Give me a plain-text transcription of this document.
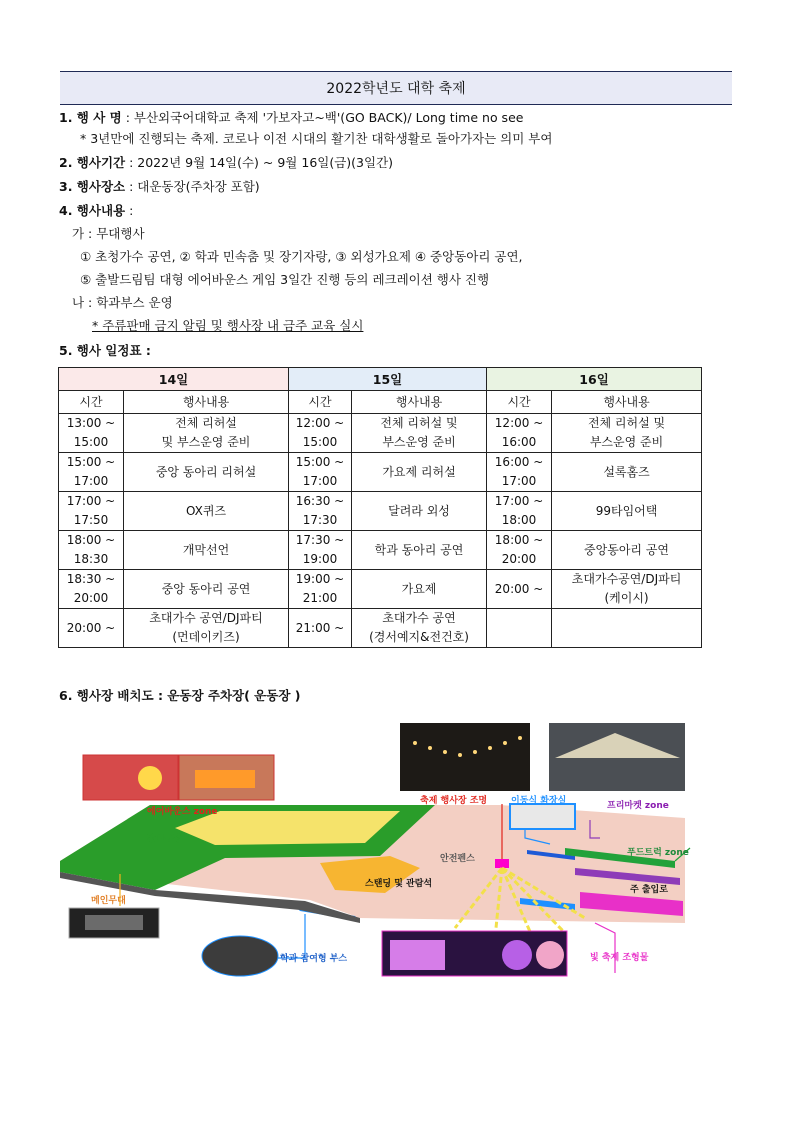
2022학년도 대학 축제
1. 행 사 명 : 부산외국어대학교 축제 '가보자고~백'(GO BACK)/ Long time no see
* 3년만에 진행되는 축제. 코로나 이전 시대의 활기찬 대학생활로 돌아가자는 의미 부여
2. 행사기간 : 2022년 9월 14일(수) ~ 9월 16일(금)(3일간)
3. 행사장소 : 대운동장(주차장 포함)
4. 행사내용 :
가 : 무대행사
① 초청가수 공연, ② 학과 민속춤 및 장기자랑, ③ 외성가요제 ④ 중앙동아리 공연,
⑤ 출발드림팀 대형 에어바운스 게임 3일간 진행 등의 레크레이션 행사 진행
나 : 학과부스 운영
* 주류판매 금지 알림 및 행사장 내 금주 교육 실시
5. 행사 일정표 :
14일		15일		16일	
시간	행사내용	시간	행사내용	시간	행사내용
13:00 ~
15:00	전체 리허설
및 부스운영 준비	12:00 ~
15:00	전체 리허설 및
부스운영 준비	12:00 ~
16:00	전체 리허설 및
부스운영 준비
15:00 ~
17:00	중앙 동아리 리허설	15:00 ~
17:00	가요제 리허설	16:00 ~
17:00	설록홈즈
17:00 ~
17:50	OX퀴즈	16:30 ~
17:30	달려라 외성	17:00 ~
18:00	99타임어택
18:00 ~
18:30	개막선언	17:30 ~
19:00	학과 동아리 공연	18:00 ~
20:00	중앙동아리 공연
18:30 ~
20:00	중앙 동아리 공연	19:00 ~
21:00	가요제	20:00 ~	초대가수공연/DJ파티
(케이시)
20:00 ~	초대가수 공연/DJ파티
(먼데이키즈)	21:00 ~	초대가수 공연
(경서예지&전건호)		
6. 행사장 배치도 : 운동장 주차장( 운동장 )
에어바운스 zone
잔디구장
메인무대
학과 참여형 부스
축제 행사장 조명	이동식 화장실	프리마켓 zone
안전펜스
푸드트럭 zone
스탠딩 및 관람석
주 출입로
빛 축제 조형물
